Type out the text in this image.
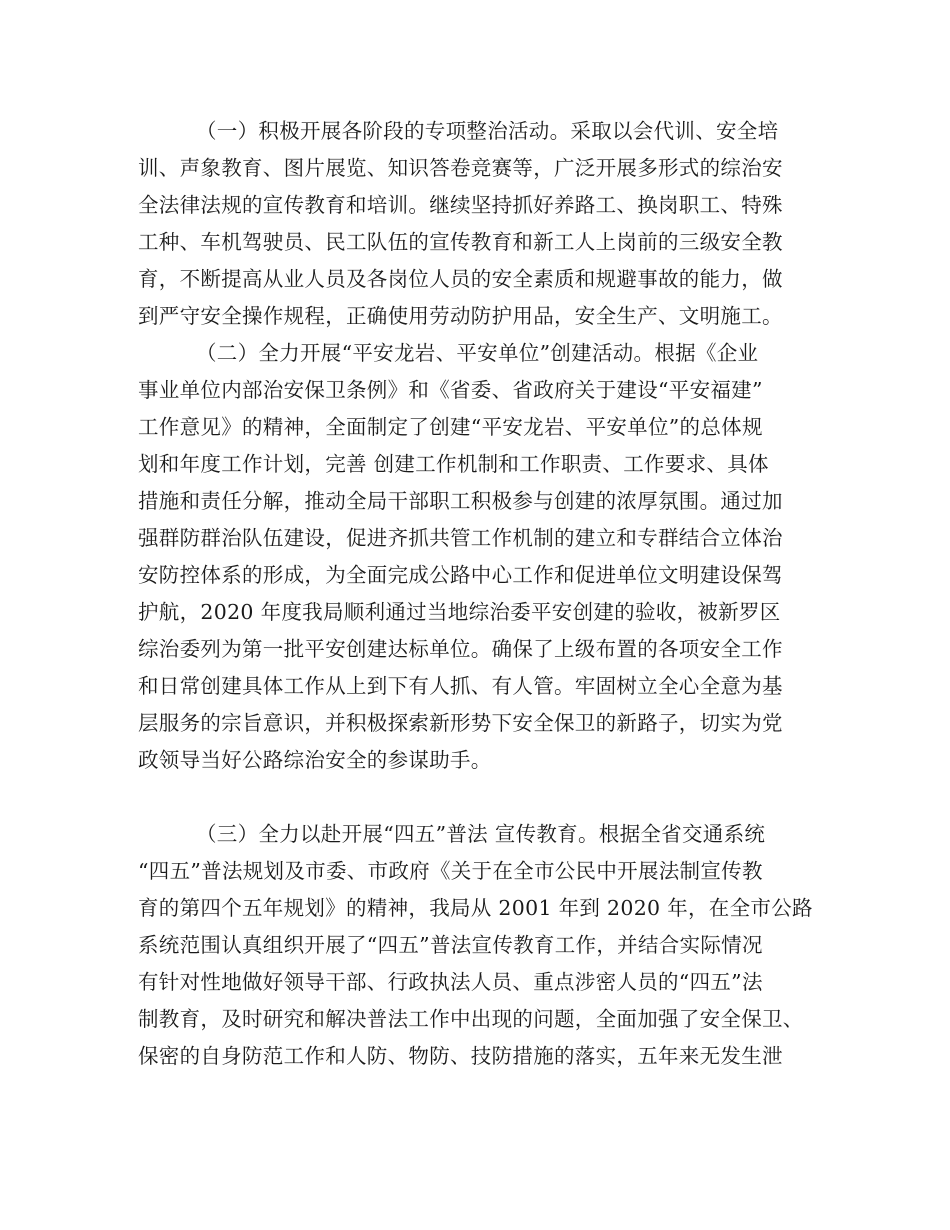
（一）积极开展各阶段的专项整治活动。采取以会代训、安全培
训、声象教育、图片展览、知识答卷竞赛等，广泛开展多形式的综治安
全法律法规的宣传教育和培训。继续坚持抓好养路工、换岗职工、特殊
工种、车机驾驶员、民工队伍的宣传教育和新工人上岗前的三级安全教
育，不断提高从业人员及各岗位人员的安全素质和规避事故的能力，做
到严守安全操作规程，正确使用劳动防护用品，安全生产、文明施工。
（二）全力开展“平安龙岩、平安单位”创建活动。根据《企业
事业单位内部治安保卫条例》和《省委、省政府关于建设“平安福建”
工作意见》的精神，全面制定了创建“平安龙岩、平安单位”的总体规
划和年度工作计划，完善 创建工作机制和工作职责、工作要求、具体
措施和责任分解，推动全局干部职工积极参与创建的浓厚氛围。通过加
强群防群治队伍建设，促进齐抓共管工作机制的建立和专群结合立体治
安防控体系的形成，为全面完成公路中心工作和促进单位文明建设保驾
护航，2020 年度我局顺利通过当地综治委平安创建的验收，被新罗区
综治委列为第一批平安创建达标单位。确保了上级布置的各项安全工作
和日常创建具体工作从上到下有人抓、有人管。牢固树立全心全意为基
层服务的宗旨意识，并积极探索新形势下安全保卫的新路子，切实为党
政领导当好公路综治安全的参谋助手。
（三）全力以赴开展“四五”普法 宣传教育。根据全省交通系统
“四五”普法规划及市委、市政府《关于在全市公民中开展法制宣传教
育的第四个五年规划》的精神，我局从 2001 年到 2020 年，在全市公路
系统范围认真组织开展了“四五”普法宣传教育工作，并结合实际情况
有针对性地做好领导干部、行政执法人员、重点涉密人员的“四五”法
制教育，及时研究和解决普法工作中出现的问题，全面加强了安全保卫、
保密的自身防范工作和人防、物防、技防措施的落实，五年来无发生泄
